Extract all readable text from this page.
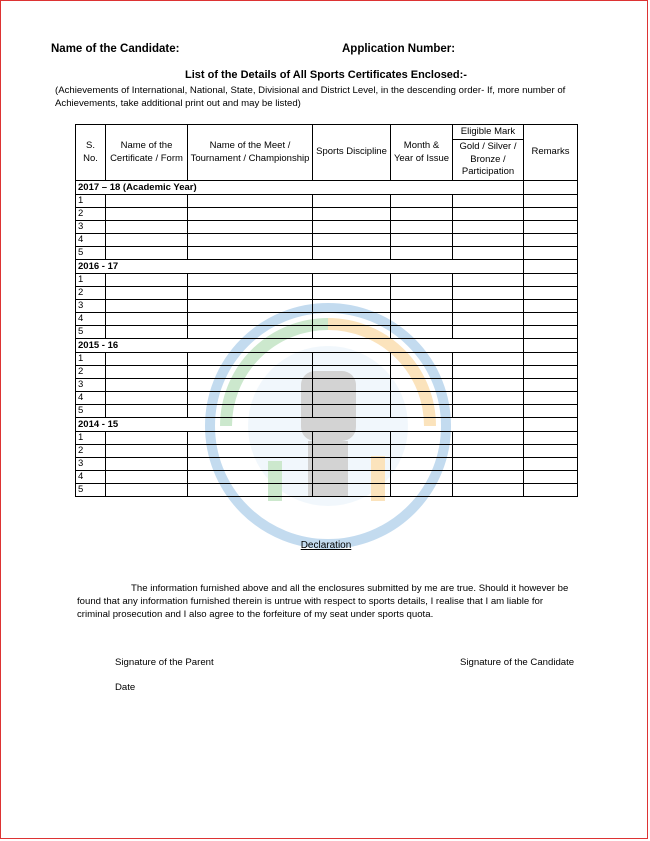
Name of the Candidate:	Application Number:
List of the Details of All Sports Certificates Enclosed:-
(Achievements of International, National, State, Divisional and District Level, in the descending order- If, more number of Achievements, take additional print out and may be listed)
S. No.	Name of the Certificate / Form	Name of the Meet / Tournament / Championship	Sports Discipline	Month & Year of Issue	Eligible Mark	Remarks
					Gold / Silver / Bronze / Participation	
2017 – 18 (Academic Year)						
1						
2						
3						
4						
5						
2016 - 17						
1						
2						
3						
4						
5						
2015 - 16						
1						
2						
3						
4						
5						
2014 - 15						
1						
2						
3						
4						
5						
Declaration
The information furnished above and all the enclosures submitted by me are true. Should it however be found that any information furnished therein is untrue with respect to sports details, I realise that I am liable for criminal prosecution and I also agree to the forfeiture of my seat under sports quota.
Signature of the Parent	Signature of the Candidate
Date
